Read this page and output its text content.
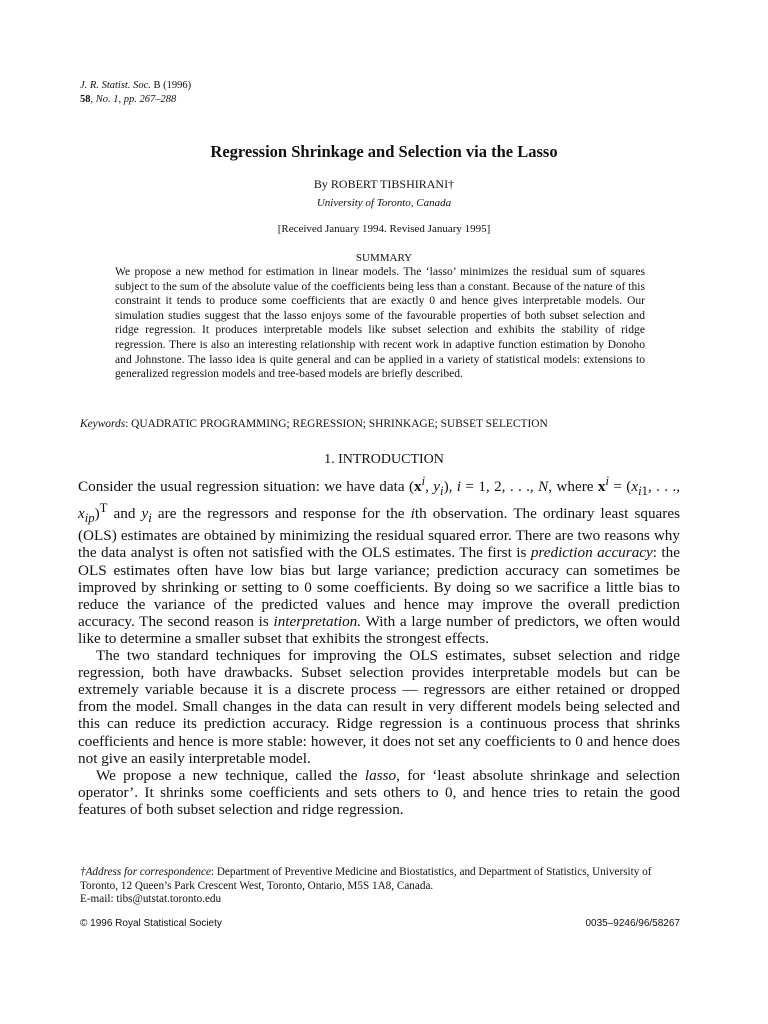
J. R. Statist. Soc. B (1996)
58, No. 1, pp. 267–288
Regression Shrinkage and Selection via the Lasso
By ROBERT TIBSHIRANI†
University of Toronto, Canada
[Received January 1994. Revised January 1995]
SUMMARY

We propose a new method for estimation in linear models. The ‘lasso’ minimizes the residual sum of squares subject to the sum of the absolute value of the coefficients being less than a constant. Because of the nature of this constraint it tends to produce some coefficients that are exactly 0 and hence gives interpretable models. Our simulation studies suggest that the lasso enjoys some of the favourable properties of both subset selection and ridge regression. It produces interpretable models like subset selection and exhibits the stability of ridge regression. There is also an interesting relationship with recent work in adaptive function estimation by Donoho and Johnstone. The lasso idea is quite general and can be applied in a variety of statistical models: extensions to generalized regression models and tree-based models are briefly described.

Keywords: QUADRATIC PROGRAMMING; REGRESSION; SHRINKAGE; SUBSET SELECTION
1. INTRODUCTION

Consider the usual regression situation: we have data ($x^i$, $y_i$), i = 1, 2, . . ., N, where $x^i = (x_{i1}$, . . ., $x_{ip})^T$ and $y_i$ are the regressors and response for the ith observation. The ordinary least squares (OLS) estimates are obtained by minimizing the residual squared error. There are two reasons why the data analyst is often not satisfied with the OLS estimates. The first is prediction accuracy: the OLS estimates often have low bias but large variance; prediction accuracy can sometimes be improved by shrinking or setting to 0 some coefficients. By doing so we sacrifice a little bias to reduce the variance of the predicted values and hence may improve the overall prediction accuracy. The second reason is interpretation. With a large number of predictors, we often would like to determine a smaller subset that exhibits the strongest effects.

The two standard techniques for improving the OLS estimates, subset selection and ridge regression, both have drawbacks. Subset selection provides interpretable models but can be extremely variable because it is a discrete process — regressors are either retained or dropped from the model. Small changes in the data can result in very different models being selected and this can reduce its prediction accuracy. Ridge regression is a continuous process that shrinks coefficients and hence is more stable: however, it does not set any coefficients to 0 and hence does not give an easily interpretable model.

We propose a new technique, called the lasso, for ‘least absolute shrinkage and selection operator’. It shrinks some coefficients and sets others to 0, and hence tries to retain the good features of both subset selection and ridge regression.

†Address for correspondence: Department of Preventive Medicine and Biostatistics, and Department of Statistics, University of Toronto, 12 Queen’s Park Crescent West, Toronto, Ontario, M5S 1A8, Canada.
E-mail: tibs@utstat.toronto.edu
© 1996 Royal Statistical Society	0035–9246/96/58267
